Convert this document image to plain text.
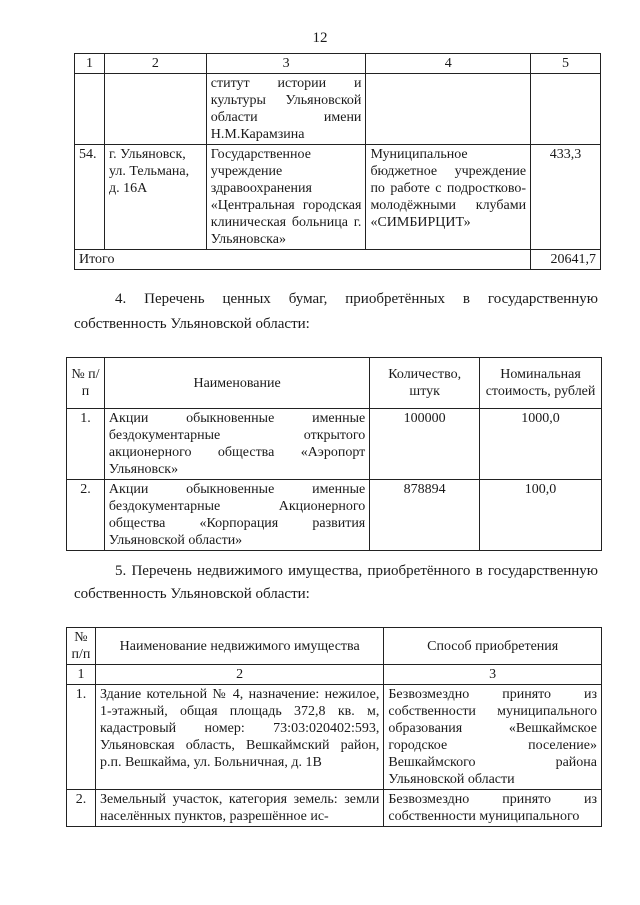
12
1	2	3	4	5
		ститут истории и культуры Ульяновской области имени Н.М.Карамзина		
54.	г. Ульяновск, ул. Тельмана, д. 16А	Государственное учреждение здравоохранения «Центральная городская клиническая больница г. Ульяновска»	Муниципальное бюджетное учреждение по работе с подростково-молодёжными клубами «СИМБИРЦИТ»	433,3
Итого				20641,7
4. Перечень ценных бумаг, приобретённых в государственную
собственность Ульяновской области:
№ п/п	Наименование	Количество, штук	Номинальная стоимость, рублей
1.	Акции обыкновенные именные бездокументарные открытого акционерного общества «Аэропорт Ульяновск»	100000	1000,0
2.	Акции обыкновенные именные бездокументарные Акционерного общества «Корпорация развития Ульяновской области»	878894	100,0
5. Перечень недвижимого имущества, приобретённого в государственную
собственность Ульяновской области:
№ п/п	Наименование недвижимого имущества	Способ приобретения
1	2	3
1.	Здание котельной № 4, назначение: нежилое, 1-этажный, общая площадь 372,8 кв. м, кадастровый номер: 73:03:020402:593, Ульяновская область, Вешкаймский район, р.п. Вешкайма, ул. Больничная, д. 1В	Безвозмездно принято из собственности муниципального образования «Вешкаймское городское поселение» Вешкаймского района Ульяновской области
2.	Земельный участок, категория земель: земли населённых пунктов, разрешённое ис-	Безвозмездно принято из собственности муниципального
